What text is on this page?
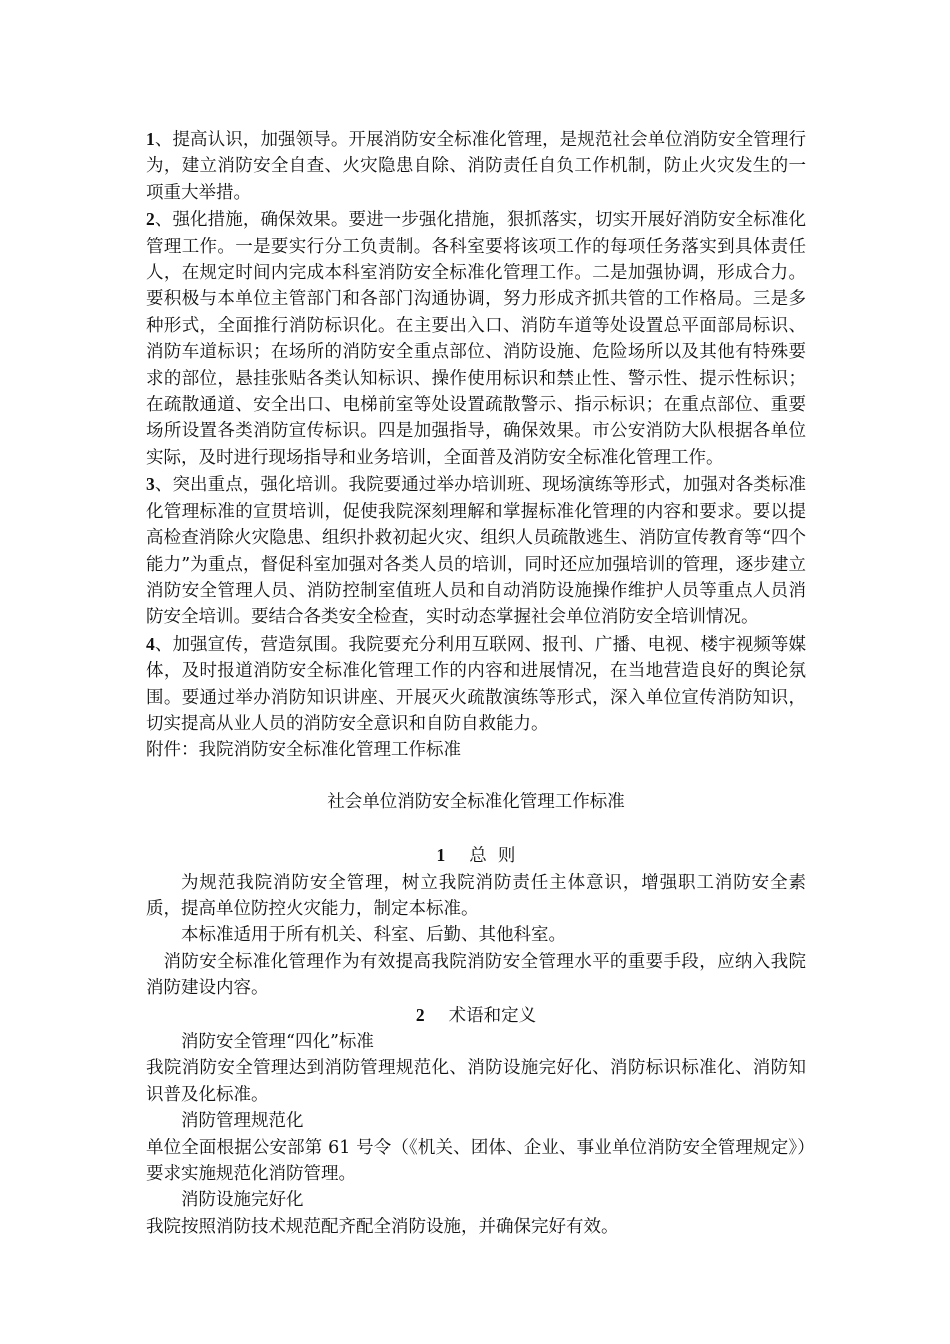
1、提高认识，加强领导。开展消防安全标准化管理，是规范社会单位消防安全管理行为，建立消防安全自查、火灾隐患自除、消防责任自负工作机制，防止火灾发生的一项重大举措。

2、强化措施，确保效果。要进一步强化措施，狠抓落实，切实开展好消防安全标准化管理工作。一是要实行分工负责制。各科室要将该项工作的每项任务落实到具体责任人，在规定时间内完成本科室消防安全标准化管理工作。二是加强协调，形成合力。要积极与本单位主管部门和各部门沟通协调，努力形成齐抓共管的工作格局。三是多种形式，全面推行消防标识化。在主要出入口、消防车道等处设置总平面部局标识、消防车道标识；在场所的消防安全重点部位、消防设施、危险场所以及其他有特殊要求的部位，悬挂张贴各类认知标识、操作使用标识和禁止性、警示性、提示性标识；在疏散通道、安全出口、电梯前室等处设置疏散警示、指示标识；在重点部位、重要场所设置各类消防宣传标识。四是加强指导，确保效果。市公安消防大队根据各单位实际，及时进行现场指导和业务培训，全面普及消防安全标准化管理工作。

3、突出重点，强化培训。我院要通过举办培训班、现场演练等形式，加强对各类标准化管理标准的宣贯培训，促使我院深刻理解和掌握标准化管理的内容和要求。要以提高检查消除火灾隐患、组织扑救初起火灾、组织人员疏散逃生、消防宣传教育等“四个能力”为重点，督促科室加强对各类人员的培训，同时还应加强培训的管理，逐步建立消防安全管理人员、消防控制室值班人员和自动消防设施操作维护人员等重点人员消防安全培训。要结合各类安全检查，实时动态掌握社会单位消防安全培训情况。

4、加强宣传，营造氛围。我院要充分利用互联网、报刊、广播、电视、楼宇视频等媒体，及时报道消防安全标准化管理工作的内容和进展情况，在当地营造良好的舆论氛围。要通过举办消防知识讲座、开展灭火疏散演练等形式，深入单位宣传消防知识，切实提高从业人员的消防安全意识和自防自救能力。

附件：我院消防安全标准化管理工作标准

社会单位消防安全标准化管理工作标准

1 总  则

为规范我院消防安全管理，树立我院消防责任主体意识，增强职工消防安全素质，提高单位防控火灾能力，制定本标准。

本标准适用于所有机关、科室、后勤、其他科室。

消防安全标准化管理作为有效提高我院消防安全管理水平的重要手段，应纳入我院消防建设内容。

2 术语和定义

消防安全管理“四化”标准

我院消防安全管理达到消防管理规范化、消防设施完好化、消防标识标准化、消防知识普及化标准。

消防管理规范化

单位全面根据公安部第 61 号令（《机关、团体、企业、事业单位消防安全管理规定》）要求实施规范化消防管理。

消防设施完好化

我院按照消防技术规范配齐配全消防设施，并确保完好有效。
